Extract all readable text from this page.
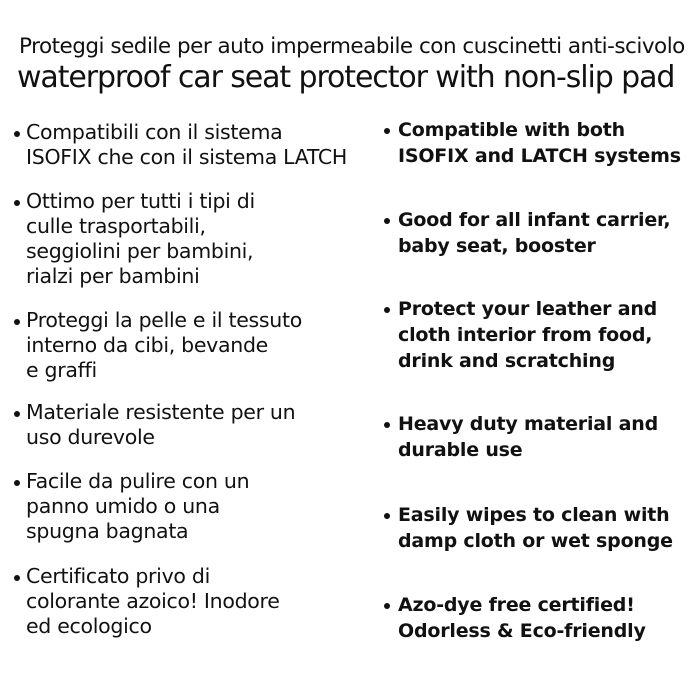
Proteggi sedile per auto impermeabile con cuscinetti anti-scivolo
waterproof car seat protector with non-slip pad
Compatibili con il sistema
ISOFIX che con il sistema LATCH
Ottimo per tutti i tipi di
culle trasportabili,
seggiolini per bambini,
rialzi per bambini
Proteggi la pelle e il tessuto
interno da cibi, bevande
e graffi
Materiale resistente per un
uso durevole
Facile da pulire con un
panno umido o una
spugna bagnata
Certificato privo di
colorante azoico! Inodore
ed ecologico
Compatible with both
ISOFIX and LATCH systems
Good for all infant carrier,
baby seat, booster
Protect your leather and
cloth interior from food,
drink and scratching
Heavy duty material and
durable use
Easily wipes to clean with
damp cloth or wet sponge
Azo-dye free certified!
Odorless & Eco-friendly
